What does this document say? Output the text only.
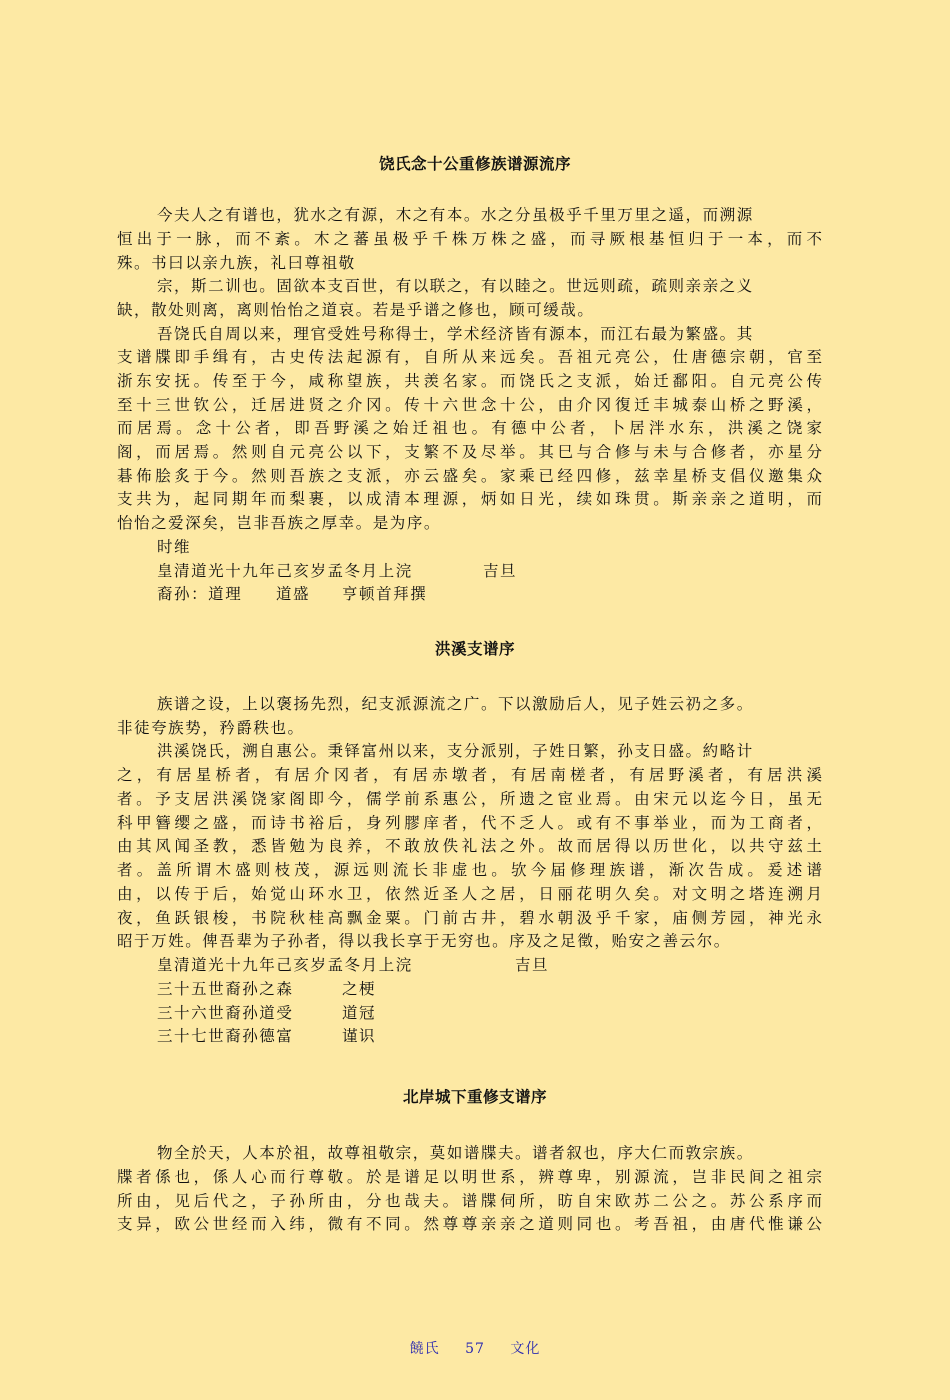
饶氏念十公重修族谱源流序
今夫人之有谱也，犹水之有源，木之有本。水之分虽极乎千里万里之遥，而溯源
恒出于一脉，而不紊。木之蕃虽极乎千株万株之盛，而寻厥根基恒归于一本，而不
殊。书曰以亲九族，礼曰尊祖敬
宗，斯二训也。固欲本支百世，有以联之，有以睦之。世远则疏，疏则亲亲之义
缺，散处则离，离则怡怡之道哀。若是乎谱之修也，顾可缓哉。
吾饶氏自周以来，理官受姓号称得士，学术经济皆有源本，而江右最为繁盛。其
支谱牒即手缉有，古史传法起源有，自所从来远矣。吾祖元亮公，仕唐德宗朝，官至
浙东安抚。传至于今，咸称望族，共羡名家。而饶氏之支派，始迁鄱阳。自元亮公传
至十三世钦公，迁居进贤之介冈。传十六世念十公，由介冈復迁丰城泰山桥之野溪，
而居焉。念十公者，即吾野溪之始迁祖也。有德中公者，卜居泮水东，洪溪之饶家
阁，而居焉。然则自元亮公以下，支繁不及尽举。其巳与合修与未与合修者，亦星分
碁佈脍炙于今。然则吾族之支派，亦云盛矣。家乘已经四修，兹幸星桥支倡仪邀集众
支共为，起同期年而梨裹，以成清本理源，炳如日光，续如珠贯。斯亲亲之道明，而
怡怡之爱深矣，岂非吾族之厚幸。是为序。
时维
皇清道光十九年己亥岁孟冬月上浣	吉旦
裔孙：道理 道盛 亨顿首拜撰
洪溪支谱序
族谱之设，上以褒扬先烈，纪支派源流之广。下以激励后人，见子姓云礽之多。
非徒夸族势，矜爵秩也。
洪溪饶氏，溯自惠公。秉铎富州以来，支分派别，子姓日繁，孙支日盛。約略计
之，有居星桥者，有居介冈者，有居赤墩者，有居南槎者，有居野溪者，有居洪溪
者。予支居洪溪饶家阁即今，儒学前系惠公，所遗之宦业焉。由宋元以迄今日，虽无
科甲簪缨之盛，而诗书裕后，身列膠庠者，代不乏人。或有不事举业，而为工商者，
由其风闻圣教，悉皆勉为良养，不敢放佚礼法之外。故而居得以历世化，以共守兹土
者。盖所谓木盛则枝茂，源远则流长非虚也。欤今届修理族谱，渐次告成。爰述谱
由，以传于后，始觉山环水卫，依然近圣人之居，日丽花明久矣。对文明之塔连溯月
夜，鱼跃银梭，书院秋桂高飘金粟。门前古井，碧水朝汲乎千家，庙侧芳园，神光永
昭于万姓。俾吾辈为子孙者，得以我长享于无穷也。序及之足徵，贻安之善云尔。
皇清道光十九年己亥岁孟冬月上浣	吉旦
三十五世裔孙之森	之梗
三十六世裔孙道受	道冠
三十七世裔孙德富	谨识
北岸城下重修支谱序
物全於天，人本於祖，故尊祖敬宗，莫如谱牒夫。谱者叙也，序大仁而敦宗族。
牒者係也，係人心而行尊敬。於是谱足以明世系，辨尊卑，别源流，岂非民间之祖宗
所由，见后代之，子孙所由，分也哉夫。谱牒伺所，昉自宋欧苏二公之。苏公系序而
支异，欧公世经而入纬，微有不同。然尊尊亲亲之道则同也。考吾祖，由唐代惟谦公
饒氏 57 文化
